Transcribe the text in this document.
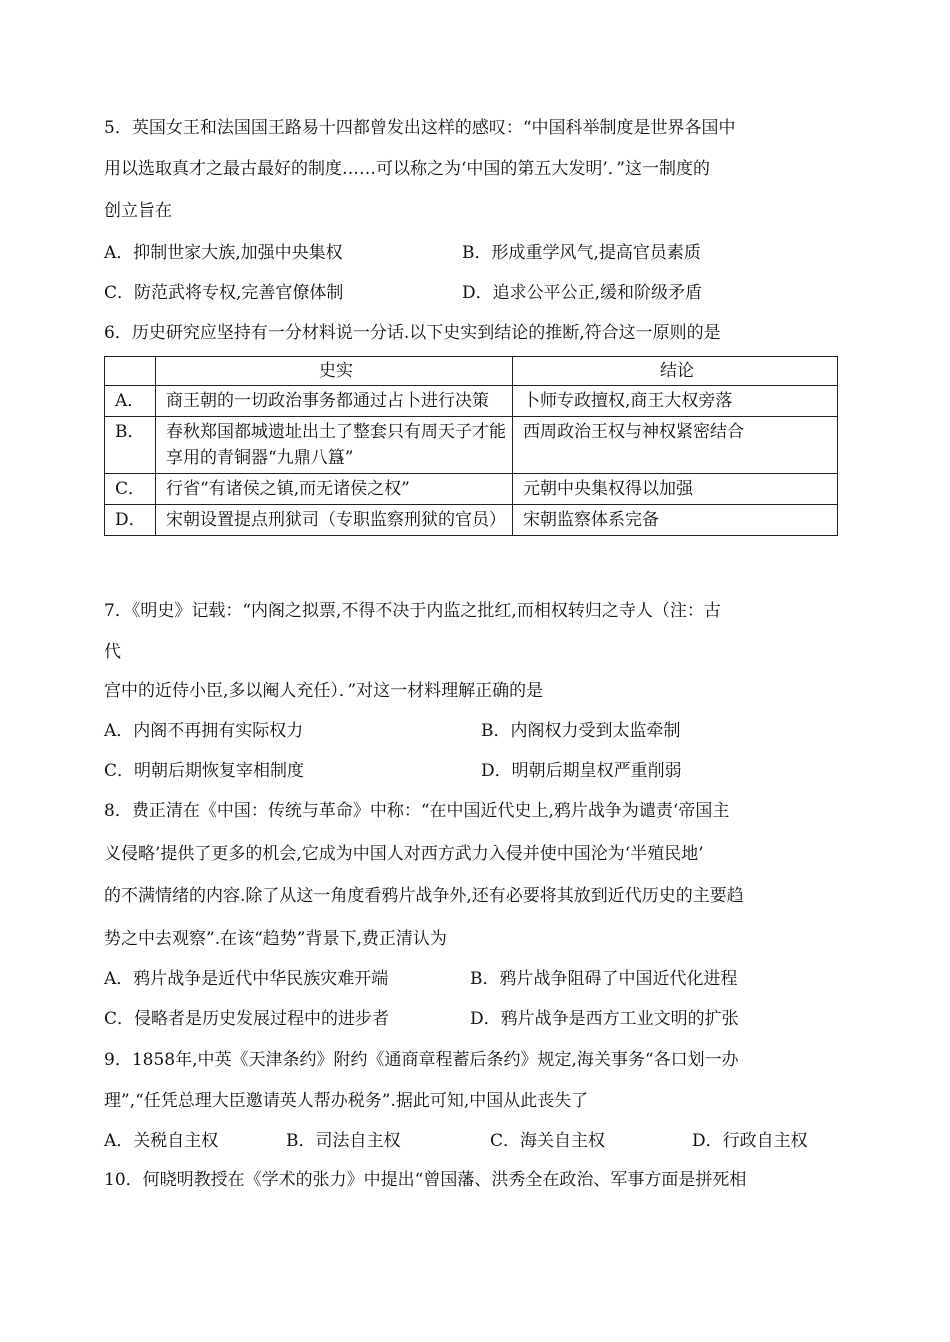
5．英国女王和法国国王路易十四都曾发出这样的感叹：“中国科举制度是世界各国中
用以选取真才之最古最好的制度……可以称之为‘中国的第五大发明’．”这一制度的
创立旨在
A．抑制世家大族,加强中央集权	B．形成重学风气,提高官员素质
C．防范武将专权,完善官僚体制	D．追求公平公正,缓和阶级矛盾
6．历史研究应坚持有一分材料说一分话.以下史实到结论的推断,符合这一原则的是
	史实	结论
A．	商王朝的一切政治事务都通过占卜进行决策	卜师专政擅权,商王大权旁落
B．	春秋郑国都城遗址出土了整套只有周天子才能享用的青铜器“九鼎八簋”	西周政治王权与神权紧密结合
C．	行省“有诸侯之镇,而无诸侯之权”	元朝中央集权得以加强
D．	宋朝设置提点刑狱司（专职监察刑狱的官员）	宋朝监察体系完备
7．《明史》记载：“内阁之拟票,不得不决于内监之批红,而相权转归之寺人（注：古
代
宫中的近侍小臣,多以阉人充任）．”对这一材料理解正确的是
A．内阁不再拥有实际权力	B．内阁权力受到太监牵制
C．明朝后期恢复宰相制度	D．明朝后期皇权严重削弱
8．费正清在《中国：传统与革命》中称：“在中国近代史上,鸦片战争为谴责‘帝国主
义侵略’提供了更多的机会,它成为中国人对西方武力入侵并使中国沦为‘半殖民地’
的不满情绪的内容.除了从这一角度看鸦片战争外,还有必要将其放到近代历史的主要趋
势之中去观察”.在该“趋势”背景下,费正清认为
A．鸦片战争是近代中华民族灾难开端	B．鸦片战争阻碍了中国近代化进程
C．侵略者是历史发展过程中的进步者	D．鸦片战争是西方工业文明的扩张
9．1858年,中英《天津条约》附约《通商章程蓄后条约》规定,海关事务“各口划一办
理”,“任凭总理大臣邀请英人帮办税务”.据此可知,中国从此丧失了
A．关税自主权	B．司法自主权	C．海关自主权	D．行政自主权
10．何晓明教授在《学术的张力》中提出“曾国藩、洪秀全在政治、军事方面是拼死相
